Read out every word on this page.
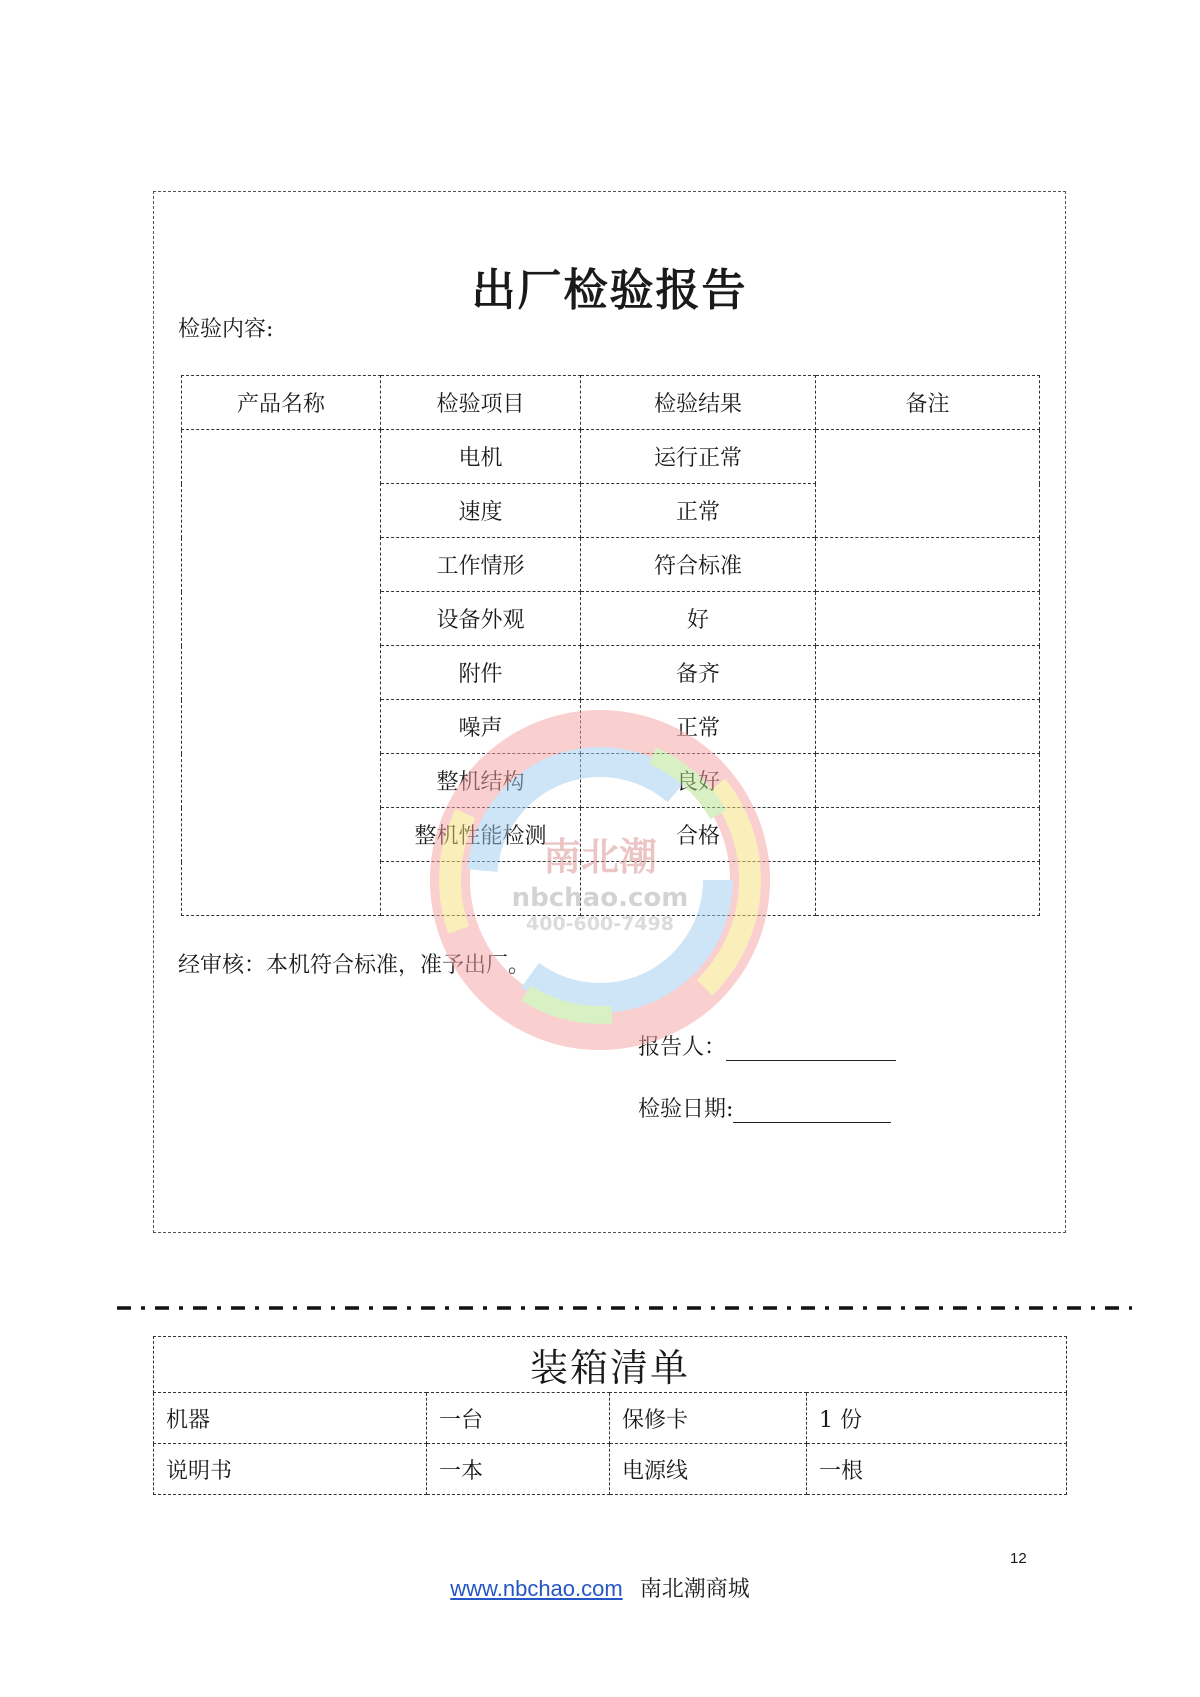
出厂检验报告
检验内容:
产品名称	检验项目	检验结果	备注
	电机	运行正常	
	速度	正常	
	工作情形	符合标准	
	设备外观	好	
	附件	备齐	
	噪声	正常	
	整机结构	良好	
	整机性能检测	合格	

经审核：本机符合标准，准予出厂。
报告人：
检验日期:
南北潮
nbchao.com
400-600-7498
装箱清单			
机器	一台	保修卡	1 份
说明书	一本	电源线	一根
12
www.nbchao.com 南北潮商城
